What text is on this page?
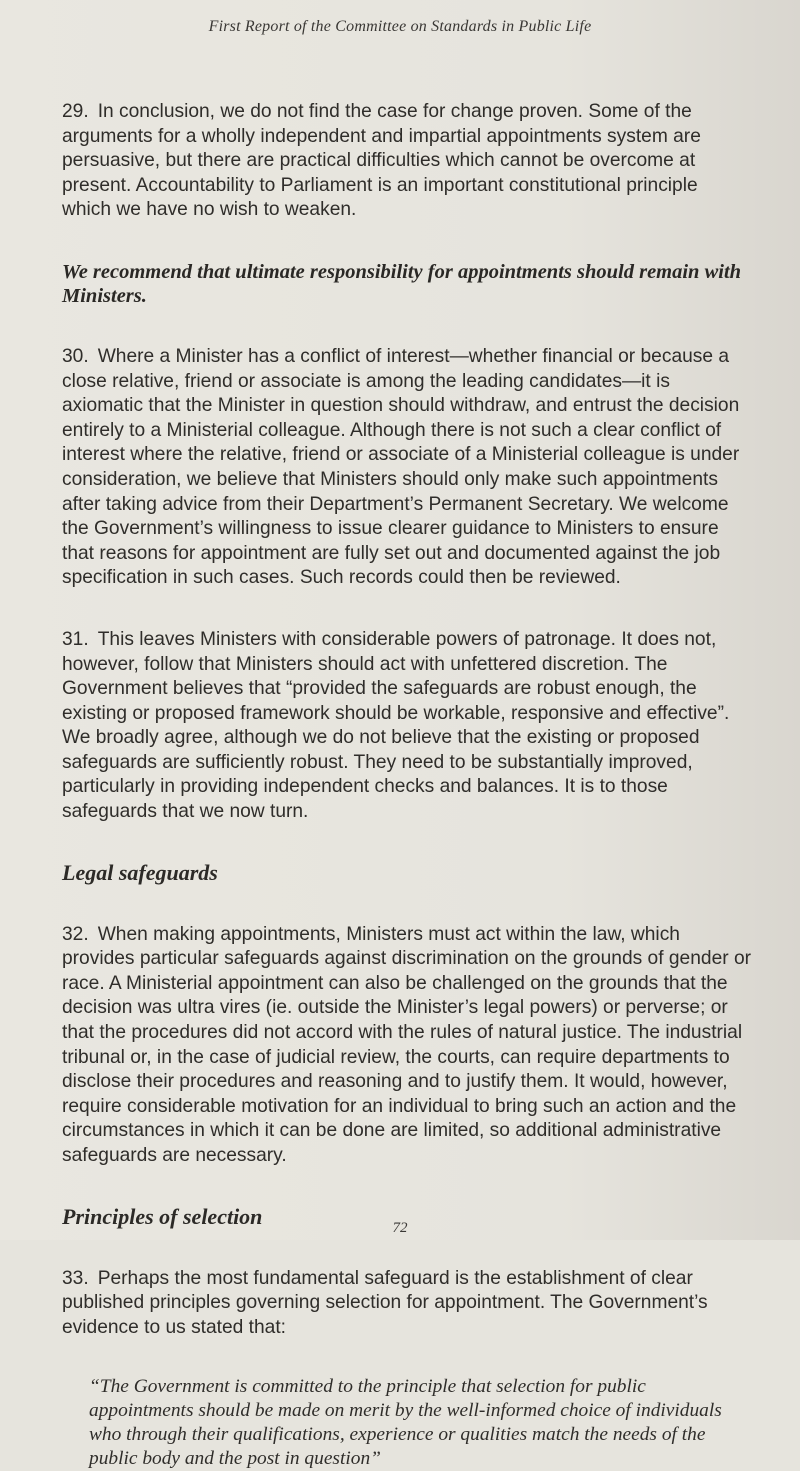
First Report of the Committee on Standards in Public Life

29. In conclusion, we do not find the case for change proven. Some of the arguments for a wholly independent and impartial appointments system are persuasive, but there are practical difficulties which cannot be overcome at present. Accountability to Parliament is an important constitutional principle which we have no wish to weaken.

We recommend that ultimate responsibility for appointments should remain with Ministers.

30. Where a Minister has a conflict of interest—whether financial or because a close relative, friend or associate is among the leading candidates—it is axiomatic that the Minister in question should withdraw, and entrust the decision entirely to a Ministerial colleague. Although there is not such a clear conflict of interest where the relative, friend or associate of a Ministerial colleague is under consideration, we believe that Ministers should only make such appointments after taking advice from their Department’s Permanent Secretary. We welcome the Government’s willingness to issue clearer guidance to Ministers to ensure that reasons for appointment are fully set out and documented against the job specification in such cases. Such records could then be reviewed.

31. This leaves Ministers with considerable powers of patronage. It does not, however, follow that Ministers should act with unfettered discretion. The Government believes that “provided the safeguards are robust enough, the existing or proposed framework should be workable, responsive and effective”. We broadly agree, although we do not believe that the existing or proposed safeguards are sufficiently robust. They need to be substantially improved, particularly in providing independent checks and balances. It is to those safeguards that we now turn.

Legal safeguards

32. When making appointments, Ministers must act within the law, which provides particular safeguards against discrimination on the grounds of gender or race. A Ministerial appointment can also be challenged on the grounds that the decision was ultra vires (ie. outside the Minister’s legal powers) or perverse; or that the procedures did not accord with the rules of natural justice. The industrial tribunal or, in the case of judicial review, the courts, can require departments to disclose their procedures and reasoning and to justify them. It would, however, require considerable motivation for an individual to bring such an action and the circumstances in which it can be done are limited, so additional administrative safeguards are necessary.

Principles of selection

33. Perhaps the most fundamental safeguard is the establishment of clear published principles governing selection for appointment. The Government’s evidence to us stated that:

“The Government is committed to the principle that selection for public appointments should be made on merit by the well-informed choice of individuals who through their qualifications, experience or qualities match the needs of the public body and the post in question”

72
